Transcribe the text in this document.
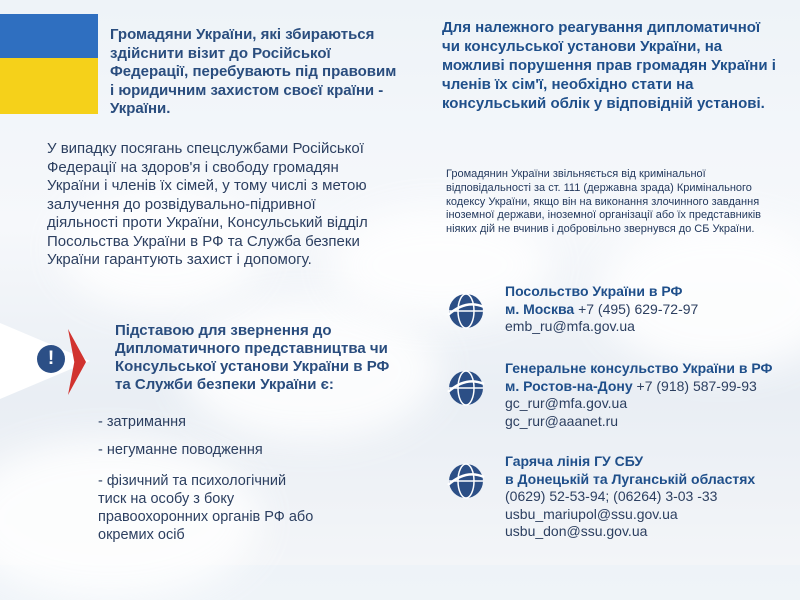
Громадяни України, які збираються здійснити візит до Російської Федерації, перебувають під правовим і юридичним захистом своєї країни - України.

У випадку посягань спецслужбами Російської Федерації на здоров'я і свободу громадян України і членів їх сімей, у тому числі з метою залучення до розвідувально-підривної діяльності проти України, Консульський відділ Посольства України в РФ та Служба безпеки України гарантують захист і допомогу.

!

Підставою для звернення до Дипломатичного представництва чи Консульської установи України в РФ та Служби безпеки України є:

- затримання

- негуманне поводження

- фізичний та психологічний тиск на особу з боку правоохоронних органів РФ або окремих осіб

Для належного реагування дипломатичної чи консульської установи України, на можливі порушення прав громадян України і членів їх сім'ї, необхідно стати на консульський облік у відповідній установі.

Громадянин України звільняється від кримінальної відповідальності за ст. 111 (державна зрада) Кримінального кодексу України, якщо він на виконання злочинного завдання іноземної держави, іноземної організації або їх представників ніяких дій не вчинив і добровільно звернувся до СБ України.

Посольство України в РФ
м. Москва +7 (495) 629-72-97
emb_ru@mfa.gov.ua
Генеральне консульство України в РФ
м. Ростов-на-Дону +7 (918) 587-99-93
gc_rur@mfa.gov.ua
gc_rur@aaanet.ru
Гаряча лінія ГУ СБУ
в Донецькій та Луганській областях
(0629) 52-53-94; (06264) 3-03 -33
usbu_mariupol@ssu.gov.ua
usbu_don@ssu.gov.ua
